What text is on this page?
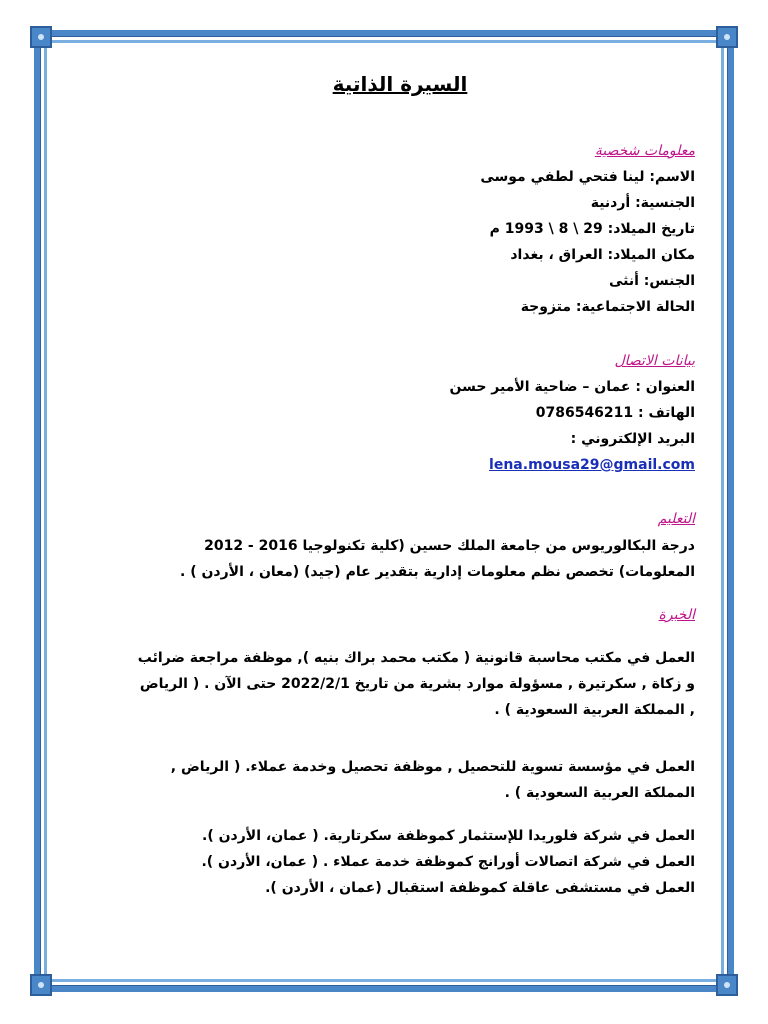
السيرة الذاتية
معلومات شخصية
الاسم: لينا فتحي لطفي موسى
الجنسية: أردنية
تاريخ الميلاد: 29 \ 8 \ 1993 م
مكان الميلاد: العراق ، بغداد
الجنس: أنثى
الحالة الاجتماعية: متزوجة
بيانات الاتصال
العنوان : عمان – ضاحية الأمير حسن
الهاتف : 0786546211
البريد الإلكتروني :
lena.mousa29@gmail.com
التعليم
درجة البكالوريوس من جامعة الملك حسين (كلية تكنولوجيا 2016 - 2012
المعلومات) تخصص نظم معلومات إدارية بتقدير عام (جيد) (معان ، الأردن ) .
الخبرة
العمل في مكتب محاسبة قانونية ( مكتب محمد براك بنيه ), موظفة مراجعة ضرائب
و زكاة , سكرتيرة , مسؤولة موارد بشرية من تاريخ 2022/2/1 حتى الآن . ( الرياض
, المملكة العربية السعودية ) .
العمل في مؤسسة تسوية للتحصيل , موظفة تحصيل وخدمة عملاء. ( الرياض ,
المملكة العربية السعودية ) .
العمل في شركة فلوريدا للإستثمار كموظفة سكرتارية. ( عمان، الأردن ).
العمل في شركة اتصالات أورانج كموظفة خدمة عملاء . ( عمان، الأردن ).
العمل في مستشفى عاقلة كموظفة استقبال (عمان ، الأردن ).
